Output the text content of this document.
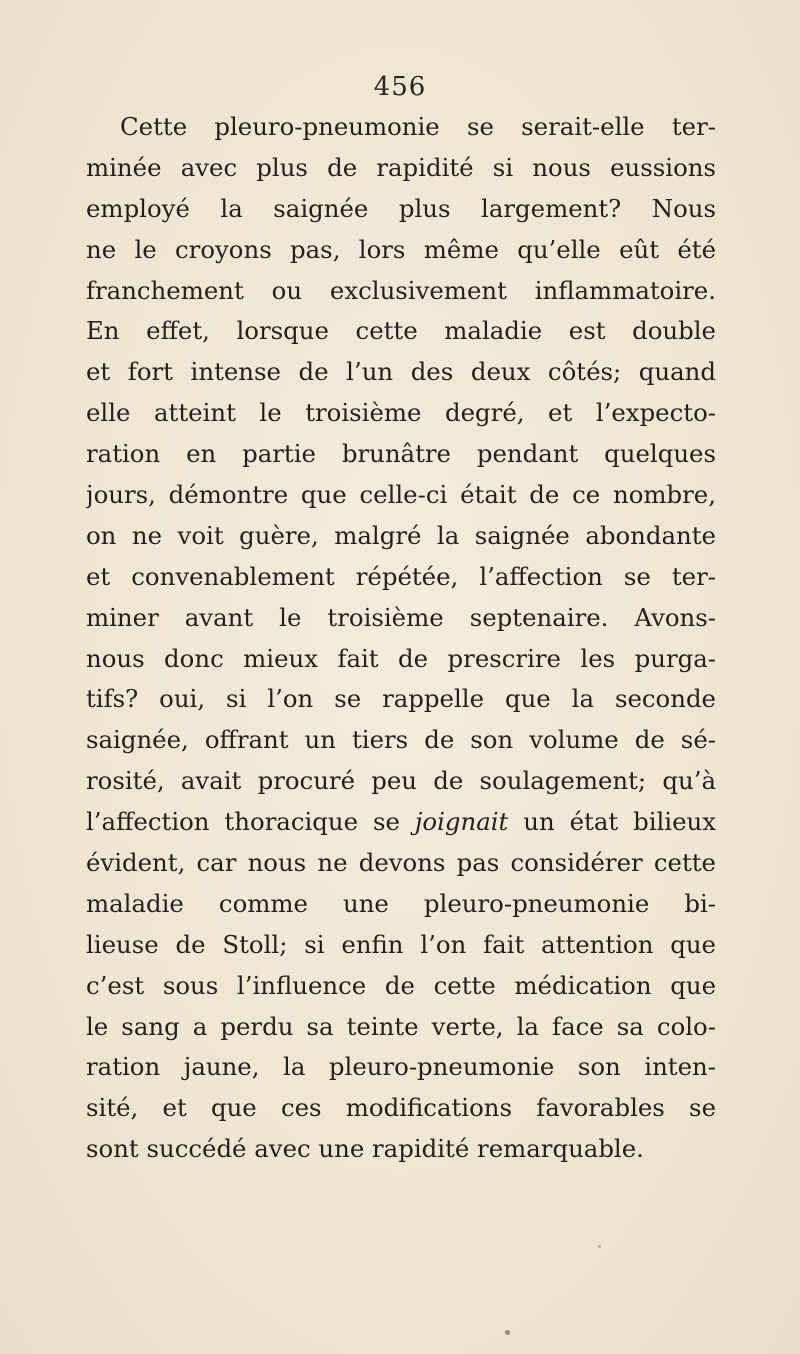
456
Cette pleuro-pneumonie se serait-elle ter-
minée avec plus de rapidité si nous eussions
employé la saignée plus largement? Nous
ne le croyons pas, lors même qu’elle eût été
franchement ou exclusivement inflammatoire.
En effet, lorsque cette maladie est double
et fort intense de l’un des deux côtés; quand
elle atteint le troisième degré, et l’expecto-
ration en partie brunâtre pendant quelques
jours, démontre que celle-ci était de ce nombre,
on ne voit guère, malgré la saignée abondante
et convenablement répétée, l’affection se ter-
miner avant le troisième septenaire. Avons-
nous donc mieux fait de prescrire les purga-
tifs? oui, si l’on se rappelle que la seconde
saignée, offrant un tiers de son volume de sé-
rosité, avait procuré peu de soulagement; qu’à
l’affection thoracique se joignait un état bilieux
évident, car nous ne devons pas considérer cette
maladie comme une pleuro-pneumonie bi-
lieuse de Stoll; si enfin l’on fait attention que
c’est sous l’influence de cette médication que
le sang a perdu sa teinte verte, la face sa colo-
ration jaune, la pleuro-pneumonie son inten-
sité, et que ces modifications favorables se
sont succédé avec une rapidité remarquable.
